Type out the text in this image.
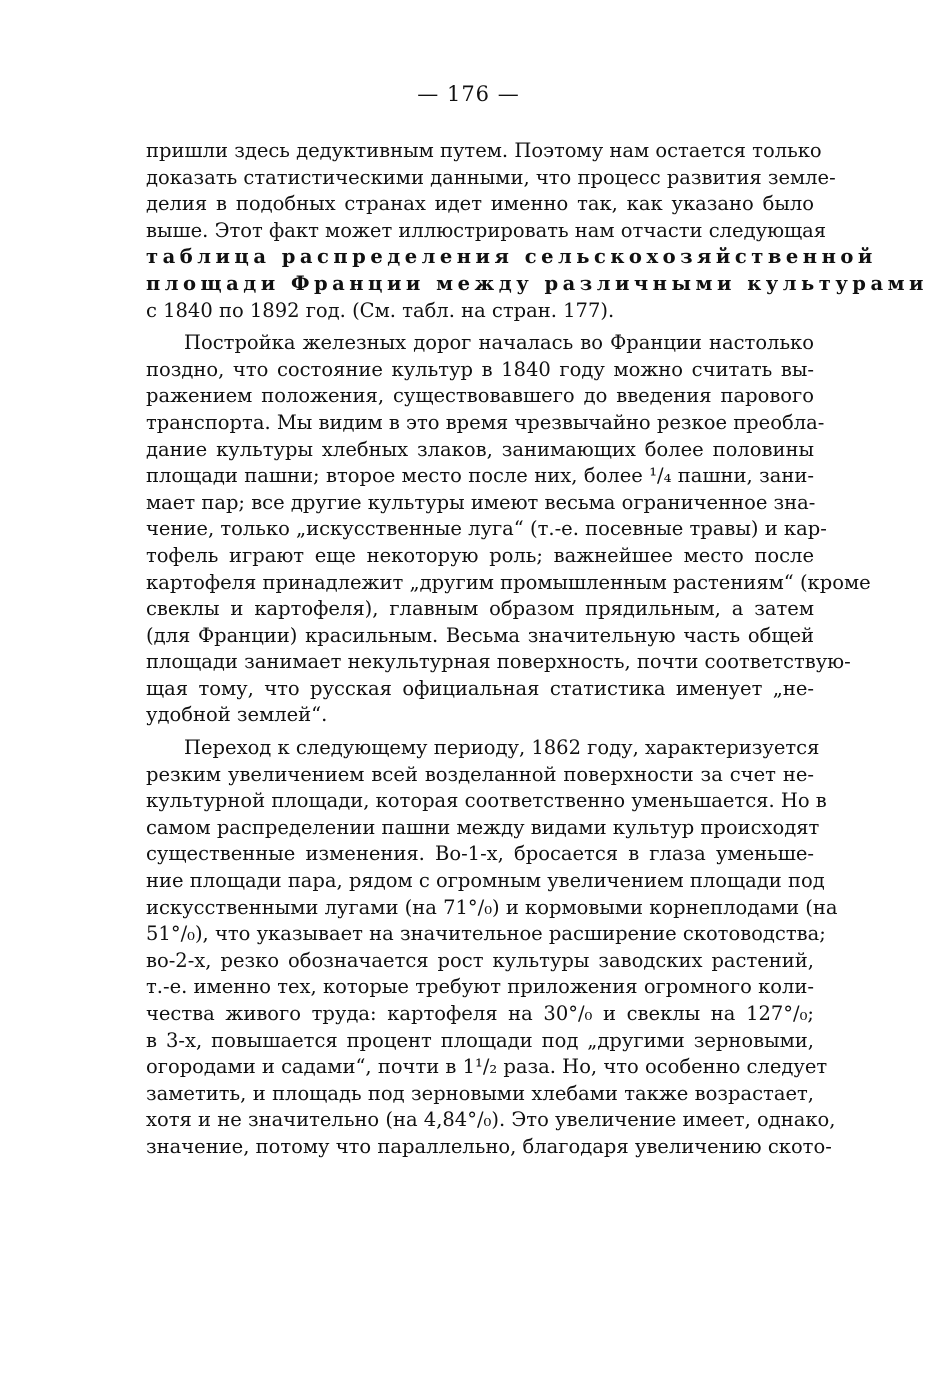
— 176 —
пришли здесь дедуктивным путем. Поэтому нам остается только
доказать статистическими данными, что процесс развития земле-
делия в подобных странах идет именно так, как указано было
выше. Этот факт может иллюстрировать нам отчасти следующая
таблица распределения сельскохозяйственной
площади Франции между различными культурами
с 1840 по 1892 год. (См. табл. на стран. 177).
Постройка железных дорог началась во Франции настолько
поздно, что состояние культур в 1840 году можно считать вы-
ражением положения, существовавшего до введения парового
транспорта. Мы видим в это время чрезвычайно резкое преобла-
дание культуры хлебных злаков, занимающих более половины
площади пашни; второе место после них, более ¹/₄ пашни, зани-
мает пар; все другие культуры имеют весьма ограниченное зна-
чение, только „искусственные луга“ (т.-е. посевные травы) и кар-
тофель играют еще некоторую роль; важнейшее место после
картофеля принадлежит „другим промышленным растениям“ (кроме
свеклы и картофеля), главным образом прядильным, а затем
(для Франции) красильным. Весьма значительную часть общей
площади занимает некультурная поверхность, почти соответствую-
щая тому, что русская официальная статистика именует „не-
удобной землей“.
Переход к следующему периоду, 1862 году, характеризуется
резким увеличением всей возделанной поверхности за счет не-
культурной площади, которая соответственно уменьшается. Но в
самом распределении пашни между видами культур происходят
существенные изменения. Во-1-х, бросается в глаза уменьше-
ние площади пара, рядом с огромным увеличением площади под
искусственными лугами (на 71°/₀) и кормовыми корнеплодами (на
51°/₀), что указывает на значительное расширение скотоводства;
во-2-х, резко обозначается рост культуры заводских растений,
т.-е. именно тех, которые требуют приложения огромного коли-
чества живого труда: картофеля на 30°/₀ и свеклы на 127°/₀;
в 3-х, повышается процент площади под „другими зерновыми,
огородами и садами“, почти в 1¹/₂ раза. Но, что особенно следует
заметить, и площадь под зерновыми хлебами также возрастает,
хотя и не значительно (на 4,84°/₀). Это увеличение имеет, однако,
значение, потому что параллельно, благодаря увеличению ското-
